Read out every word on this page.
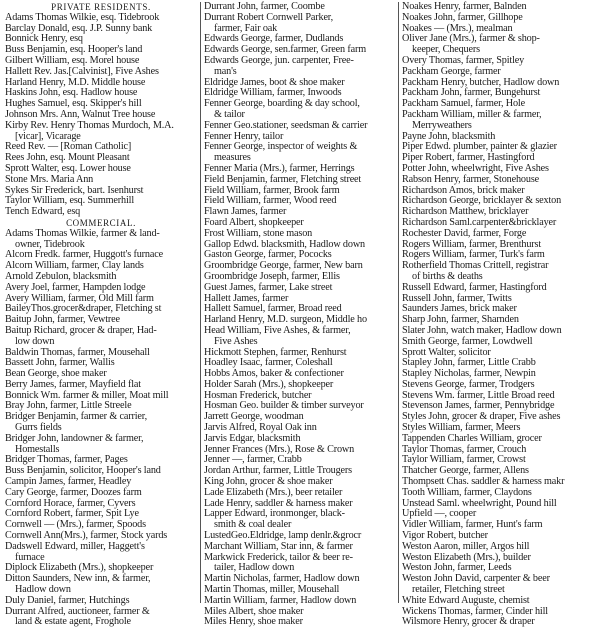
PRIVATE RESIDENTS.
Adams Thomas Wilkie, esq. Tidebrook
Barclay Donald, esq. J.P. Sunny bank
Bonnick Henry, esq
Buss Benjamin, esq. Hooper's land
Gilbert William, esq. Morel house
Hallett Rev. Jas.[Calvinist], Five Ashes
Harland Henry, M.D. Middle house
Haskins John, esq. Hadlow house
Hughes Samuel, esq. Skipper's hill
Johnson Mrs. Ann, Walnut Tree house
Kirby Rev. Henry Thomas Murdoch, M.A.
[vicar], Vicarage
Reed Rev. — [Roman Catholic]
Rees John, esq. Mount Pleasant
Sprott Walter, esq. Lower house
Stone Mrs. Maria Ann
Sykes Sir Frederick, bart. Isenhurst
Taylor William, esq. Summerhill
Tench Edward, esq
COMMERCIAL.
Adams Thomas Wilkie, farmer & land-
owner, Tidebrook
Alcorn Fredk. farmer, Huggott's furnace
Alcorn William, farmer, Clay lands
Arnold Zebulon, blacksmith
Avery Joel, farmer, Hampden lodge
Avery William, farmer, Old Mill farm
BaileyThos.grocer&draper, Fletching st
Baitup John, farmer, Vewtree
Baitup Richard, grocer & draper, Had-
low down
Baldwin Thomas, farmer, Mousehall
Bassett John, farmer, Wallis
Bean George, shoe maker
Berry James, farmer, Mayfield flat
Bonnick Wm. farmer & miller, Moat mill
Bray John, farmer, Little Streele
Bridger Benjamin, farmer & carrier,
Gurrs fields
Bridger John, landowner & farmer,
Homestalls
Bridger Thomas, farmer, Pages
Buss Benjamin, solicitor, Hooper's land
Campin James, farmer, Headley
Cary George, farmer, Doozes farm
Cornford Horace, farmer, Cyvers
Cornford Robert, farmer, Spit Lye
Cornwell — (Mrs.), farmer, Spoods
Cornwell Ann(Mrs.), farmer, Stock yards
Dadswell Edward, miller, Haggett's
furnace
Diplock Elizabeth (Mrs.), shopkeeper
Ditton Saunders, New inn, & farmer,
Hadlow down
Duly Daniel, farmer, Hutchings
Durrant Alfred, auctioneer, farmer &
land & estate agent, Froghole
Durrant John, farmer, Coombe
Durrant Robert Cornwell Parker,
farmer, Fair oak
Edwards George, farmer, Dudlands
Edwards George, sen.farmer, Green farm
Edwards George, jun. carpenter, Free-
man's
Eldridge James, boot & shoe maker
Eldridge William, farmer, Inwoods
Fenner George, boarding & day school,
& tailor
Fenner Geo.stationer, seedsman & carrier
Fenner Henry, tailor
Fenner George, inspector of weights &
measures
Fenner Maria (Mrs.), farmer, Herrings
Field Benjamin, farmer, Fletching street
Field William, farmer, Brook farm
Field William, farmer, Wood reed
Flawn James, farmer
Foard Albert, shopkeeper
Frost William, stone mason
Gallop Edwd. blacksmith, Hadlow down
Gaston George, farmer, Pococks
Groombridge George, farmer, New barn
Groombridge Joseph, farmer, Ellis
Guest James, farmer, Lake street
Hallett James, farmer
Hallett Samuel, farmer, Broad reed
Harland Henry, M.D. surgeon, Middle ho
Head William, Five Ashes, & farmer,
Five Ashes
Hickmott Stephen, farmer, Renhurst
Hoadley Isaac, farmer, Coleshall
Hobbs Amos, baker & confectioner
Holder Sarah (Mrs.), shopkeeper
Hosman Frederick, butcher
Hosman Geo. builder & timber surveyor
Jarrett George, woodman
Jarvis Alfred, Royal Oak inn
Jarvis Edgar, blacksmith
Jenner Frances (Mrs.), Rose & Crown
Jenner —, farmer, Crabb
Jordan Arthur, farmer, Little Trougers
King John, grocer & shoe maker
Lade Elizabeth (Mrs.), beer retailer
Lade Henry, saddler & harness maker
Lapper Edward, ironmonger, black-
smith & coal dealer
LustedGeo.Eldridge, lamp denlr.&grocr
Marchant William, Star inn, & farmer
Markwick Frederick, tailor & beer re-
tailer, Hadlow down
Martin Nicholas, farmer, Hadlow down
Martin Thomas, miller, Mousehall
Martin William, farmer, Hadlow down
Miles Albert, shoe maker
Miles Henry, shoe maker
Noakes Henry, farmer, Balnden
Noakes John, farmer, Gillhope
Noakes — (Mrs.), mealman
Oliver Jane (Mrs.), farmer & shop-
keeper, Chequers
Overy Thomas, farmer, Spitley
Packham George, farmer
Packham Henry, butcher, Hadlow down
Packham John, farmer, Bungehurst
Packham Samuel, farmer, Hole
Packham William, miller & farmer,
Merryweathers
Payne John, blacksmith
Piper Edwd. plumber, painter & glazier
Piper Robert, farmer, Hastingford
Potter John, wheelwright, Five Ashes
Rabson Henry, farmer, Stonehouse
Richardson Amos, brick maker
Richardson George, bricklayer & sexton
Richardson Matthew, bricklayer
Richardson Saml.carpenter&bricklayer
Rochester David, farmer, Forge
Rogers William, farmer, Brenthurst
Rogers William, farmer, Turk's farm
Rotherfield Thomas Crittell, registrar
of births & deaths
Russell Edward, farmer, Hastingford
Russell John, farmer, Twitts
Saunders James, brick maker
Sharp John, farmer, Sharnden
Slater John, watch maker, Hadlow down
Smith George, farmer, Lowdwell
Sprott Walter, solicitor
Stapley John, farmer, Little Crabb
Stapley Nicholas, farmer, Newpin
Stevens George, farmer, Trodgers
Stevens Wm. farmer, Little Broad reed
Stevenson James, farmer, Pennybridge
Styles John, grocer & draper, Five ashes
Styles William, farmer, Meers
Tappenden Charles William, grocer
Taylor Thomas, farmer, Crouch
Taylor William, farmer, Crowst
Thatcher George, farmer, Allens
Thompsett Chas. saddler & harness makr
Tooth William, farmer, Claydons
Unstead Saml. wheelwright, Pound hill
Upfield —, cooper
Vidler William, farmer, Hunt's farm
Vigor Robert, butcher
Weston Aaron, miller, Argos hill
Weston Elizabeth (Mrs.), builder
Weston John, farmer, Leeds
Weston John David, carpenter & beer
retailer, Fletching street
White Edward Auguste, chemist
Wickens Thomas, farmer, Cinder hill
Wilsmore Henry, grocer & draper
